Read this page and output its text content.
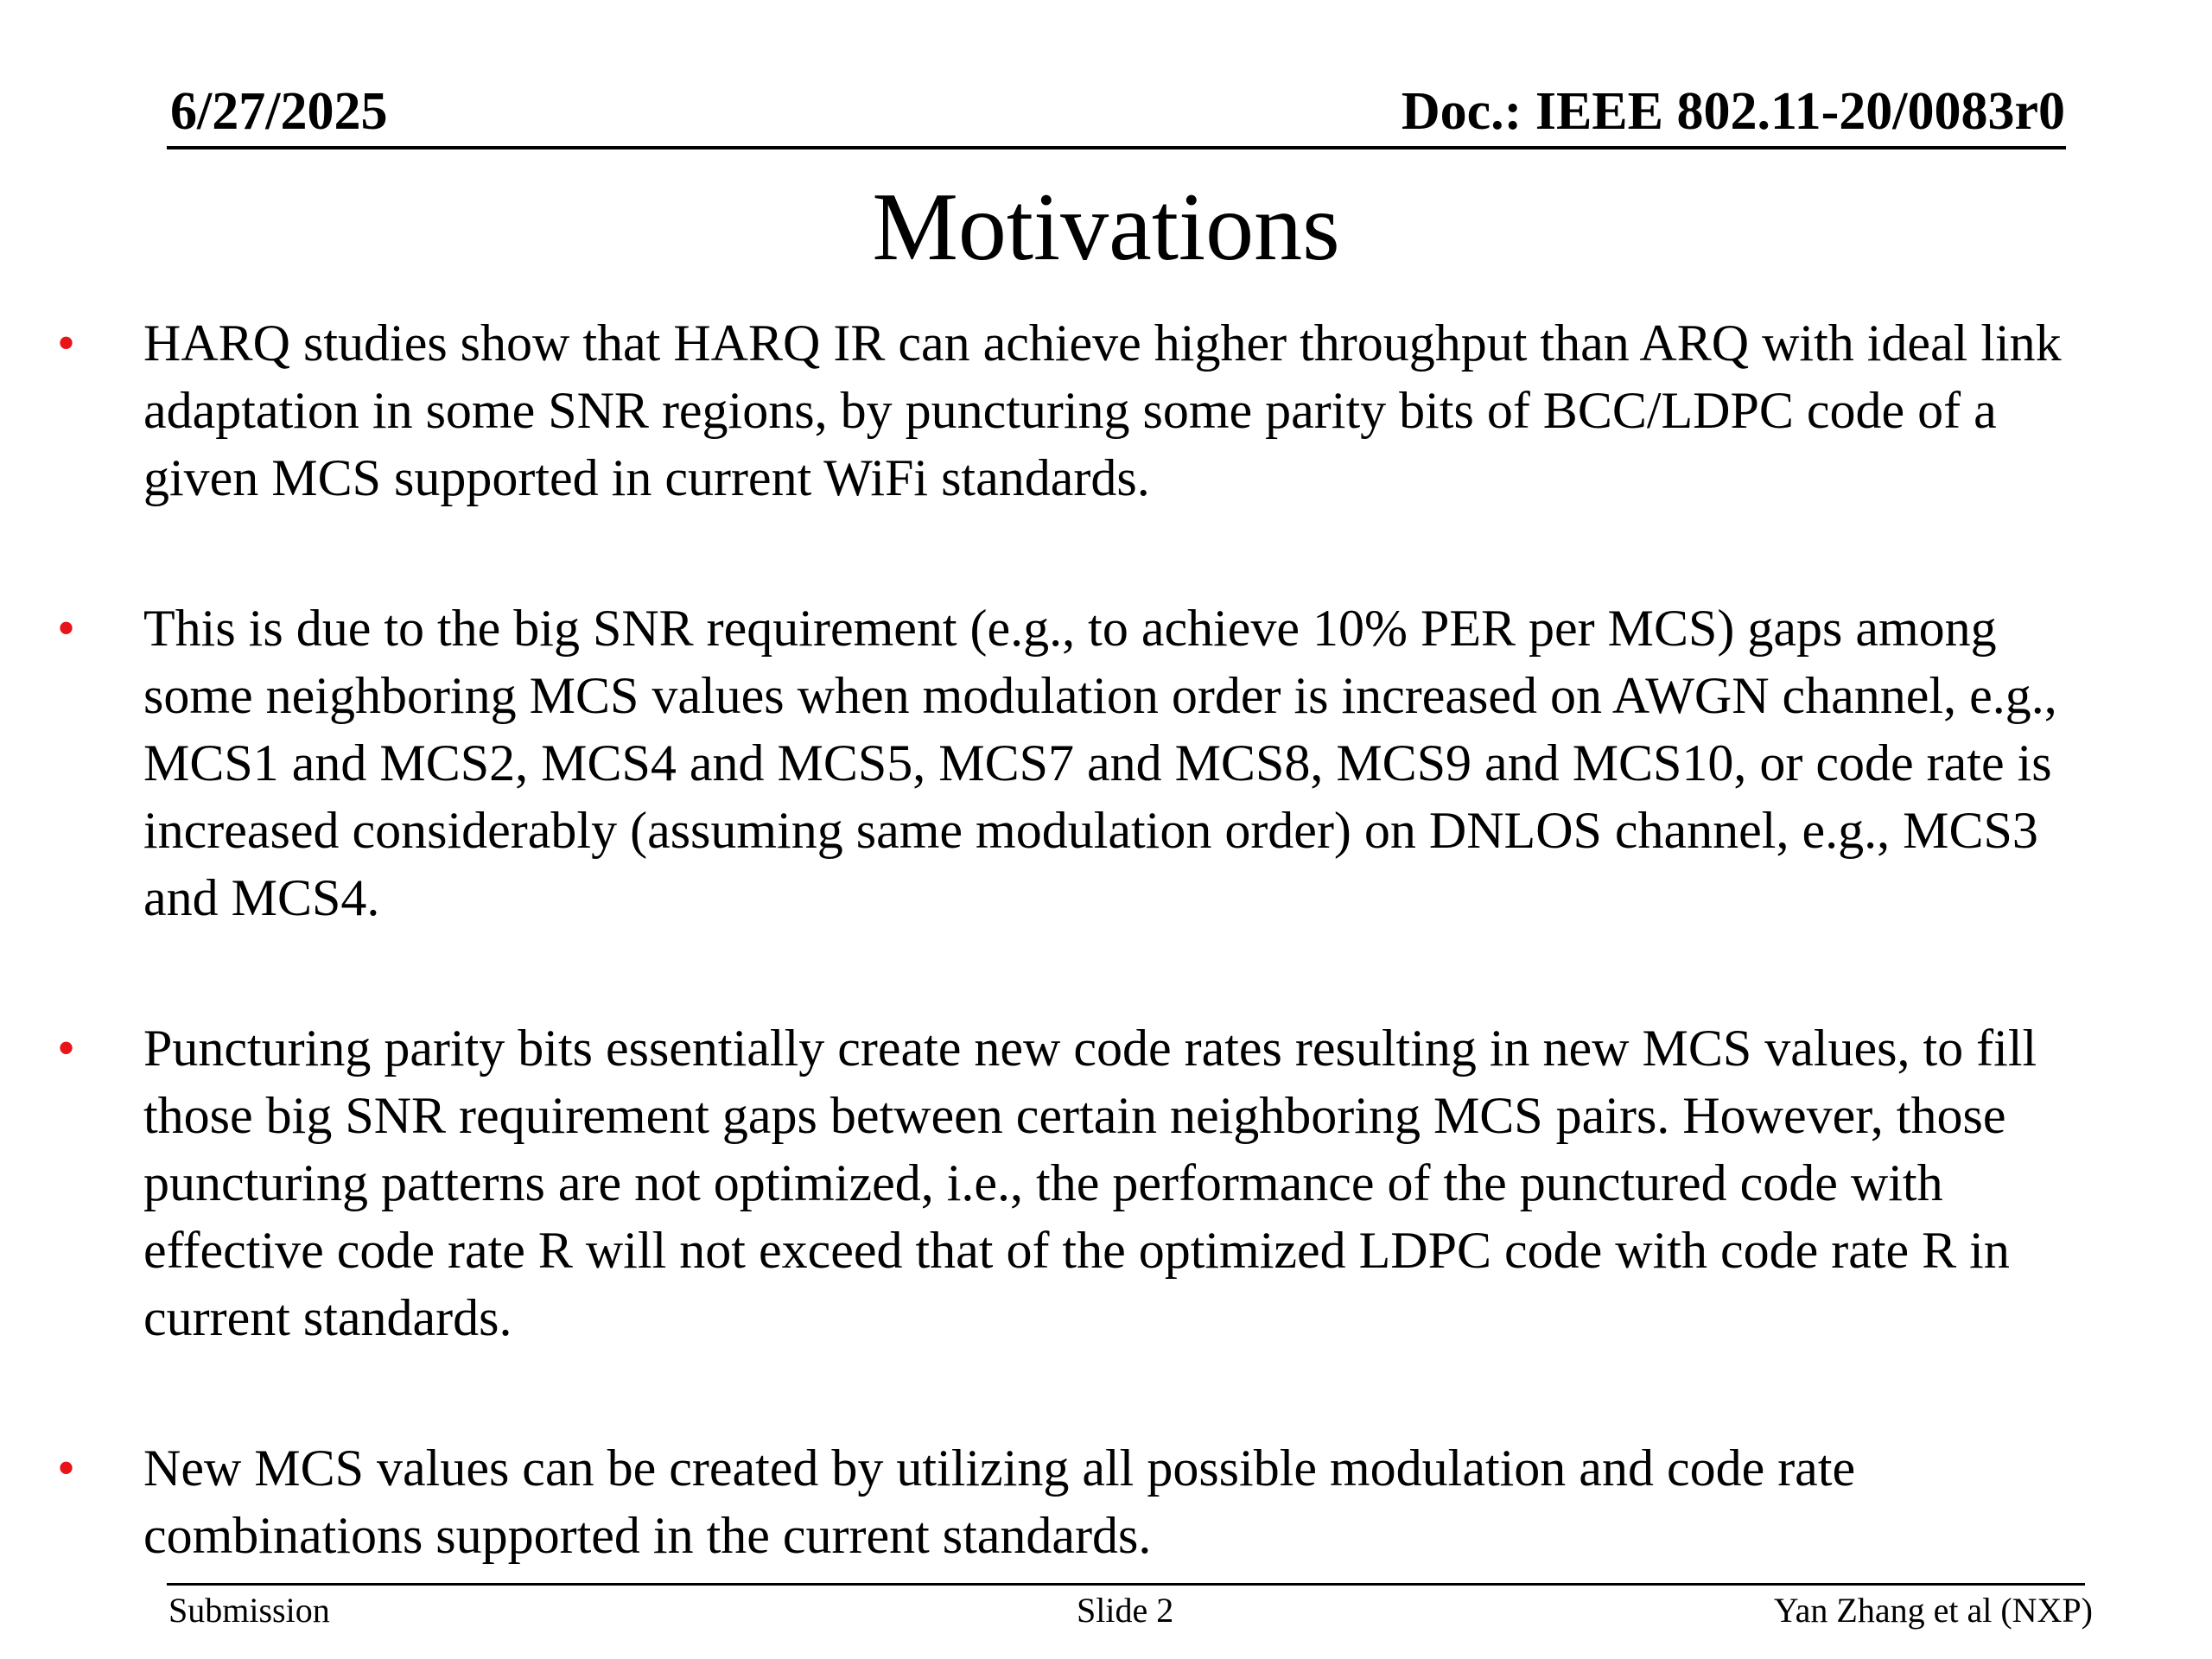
6/27/2025	Doc.: IEEE 802.11-20/0083r0
Motivations
• HARQ studies show that HARQ IR can achieve higher throughput than ARQ with ideal link adaptation in some SNR regions, by puncturing some parity bits of BCC/LDPC code of a given MCS supported in current WiFi standards.
• This is due to the big SNR requirement (e.g., to achieve 10% PER per MCS) gaps among some neighboring MCS values when modulation order is increased on AWGN channel, e.g., MCS1 and MCS2, MCS4 and MCS5, MCS7 and MCS8, MCS9 and MCS10, or code rate is increased considerably (assuming same modulation order) on DNLOS channel, e.g., MCS3 and MCS4.
• Puncturing parity bits essentially create new code rates resulting in new MCS values, to fill those big SNR requirement gaps between certain neighboring MCS pairs. However, those puncturing patterns are not optimized, i.e., the performance of the punctured code with effective code rate R will not exceed that of the optimized LDPC code with code rate R in current standards.
• New MCS values can be created by utilizing all possible modulation and code rate combinations supported in the current standards.
Submission	Slide 2	Yan Zhang et al (NXP)
